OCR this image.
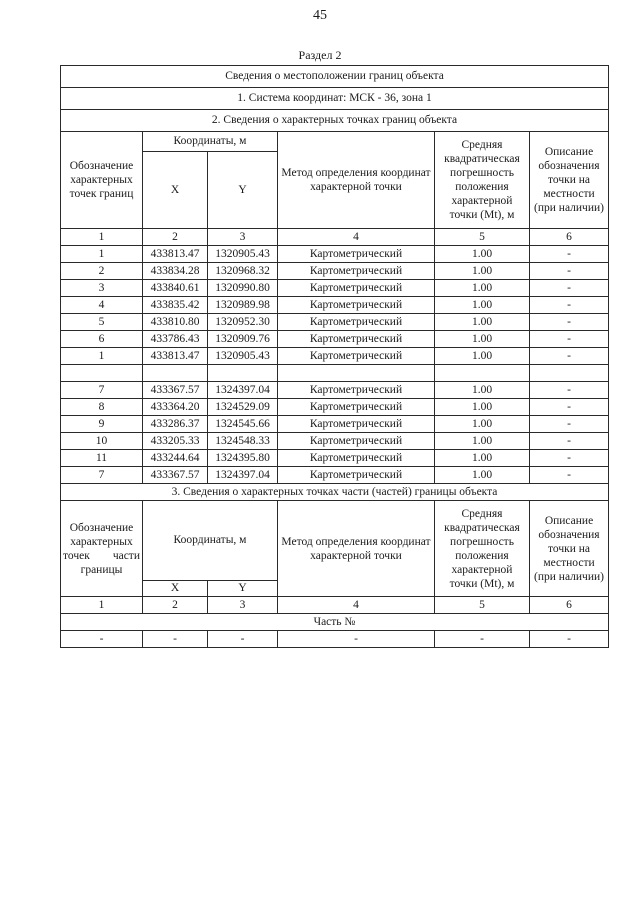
45
Раздел 2
Сведения о местоположении границ объекта					
1. Система координат: МСК - 36, зона 1					
2. Сведения о характерных точках границ объекта					
Обозначение характерных точек границ	Координаты, м		Метод определения координат характерной точки	Средняя квадратическая погрешность положения характерной точки (Mt), м	Описание обозначения точки на местности (при наличии)
	X	Y			
1	2	3	4	5	6
1	433813.47	1320905.43	Картометрический	1.00	-
2	433834.28	1320968.32	Картометрический	1.00	-
3	433840.61	1320990.80	Картометрический	1.00	-
4	433835.42	1320989.98	Картометрический	1.00	-
5	433810.80	1320952.30	Картометрический	1.00	-
6	433786.43	1320909.76	Картометрический	1.00	-
1	433813.47	1320905.43	Картометрический	1.00	-

7	433367.57	1324397.04	Картометрический	1.00	-
8	433364.20	1324529.09	Картометрический	1.00	-
9	433286.37	1324545.66	Картометрический	1.00	-
10	433205.33	1324548.33	Картометрический	1.00	-
11	433244.64	1324395.80	Картометрический	1.00	-
7	433367.57	1324397.04	Картометрический	1.00	-
3. Сведения о характерных точках части (частей) границы объекта					

Обозначение
характерных
точек части
границы	Координаты, м		Метод определения координат характерной точки	Средняя квадратическая погрешность положения характерной точки (Mt), м	Описание обозначения точки на местности (при наличии)
	X	Y			
1	2	3	4	5	6
Часть №					
-	-	-	-	-	-
